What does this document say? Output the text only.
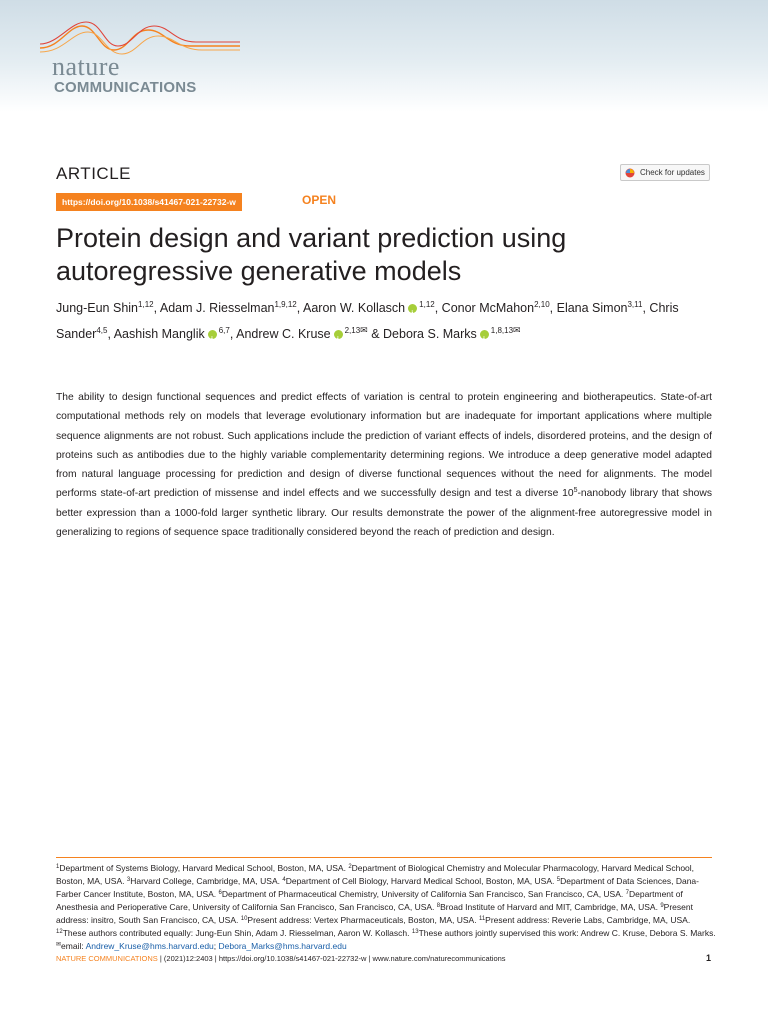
nature
COMMUNICATIONS
ARTICLE	Check for updates
https://doi.org/10.1038/s41467-021-22732-w	OPEN
Protein design and variant prediction using autoregressive generative models
Jung-Eun Shin$^{1,12}$, Adam J. Riesselman$^{1,9,12}$, Aaron W. Kollasch i $^{1,12}$, Conor McMahon$^{2,10}$, Elana Simon$^{3,11}$, Chris Sander$^{4,5}$, Aashish Manglik i $^{6,7}$, Andrew C. Kruse i $^{2,13✉}$ & Debora S. Marks i $^{1,8,13✉}$

The ability to design functional sequences and predict effects of variation is central to protein engineering and biotherapeutics. State-of-art computational methods rely on models that leverage evolutionary information but are inadequate for important applications where multiple sequence alignments are not robust. Such applications include the prediction of variant effects of indels, disordered proteins, and the design of proteins such as antibodies due to the highly variable complementarity determining regions. We introduce a deep generative model adapted from natural language processing for prediction and design of diverse functional sequences without the need for alignments. The model performs state-of-art prediction of missense and indel effects and we successfully design and test a diverse $10^5$-nanobody library that shows better expression than a 1000-fold larger synthetic library. Our results demonstrate the power of the alignment-free autoregressive model in generalizing to regions of sequence space traditionally considered beyond the reach of prediction and design.

$^1$Department of Systems Biology, Harvard Medical School, Boston, MA, USA. $^2$Department of Biological Chemistry and Molecular Pharmacology, Harvard Medical School, Boston, MA, USA. $^3$Harvard College, Cambridge, MA, USA. $^4$Department of Cell Biology, Harvard Medical School, Boston, MA, USA. $^5$Department of Data Sciences, Dana-Farber Cancer Institute, Boston, MA, USA. $^6$Department of Pharmaceutical Chemistry, University of California San Francisco, San Francisco, CA, USA. $^7$Department of Anesthesia and Perioperative Care, University of California San Francisco, San Francisco, CA, USA. $^8$Broad Institute of Harvard and MIT, Cambridge, MA, USA. $^9$Present address: insitro, South San Francisco, CA, USA. $^{10}$Present address: Vertex Pharmaceuticals, Boston, MA, USA. $^{11}$Present address: Reverie Labs, Cambridge, MA, USA. $^{12}$These authors contributed equally: Jung-Eun Shin, Adam J. Riesselman, Aaron W. Kollasch. $^{13}$These authors jointly supervised this work: Andrew C. Kruse, Debora S. Marks. ✉email: Andrew_Kruse@hms.harvard.edu; Debora_Marks@hms.harvard.edu
NATURE COMMUNICATIONS | (2021)12:2403 | https://doi.org/10.1038/s41467-021-22732-w | www.nature.com/naturecommunications	1
